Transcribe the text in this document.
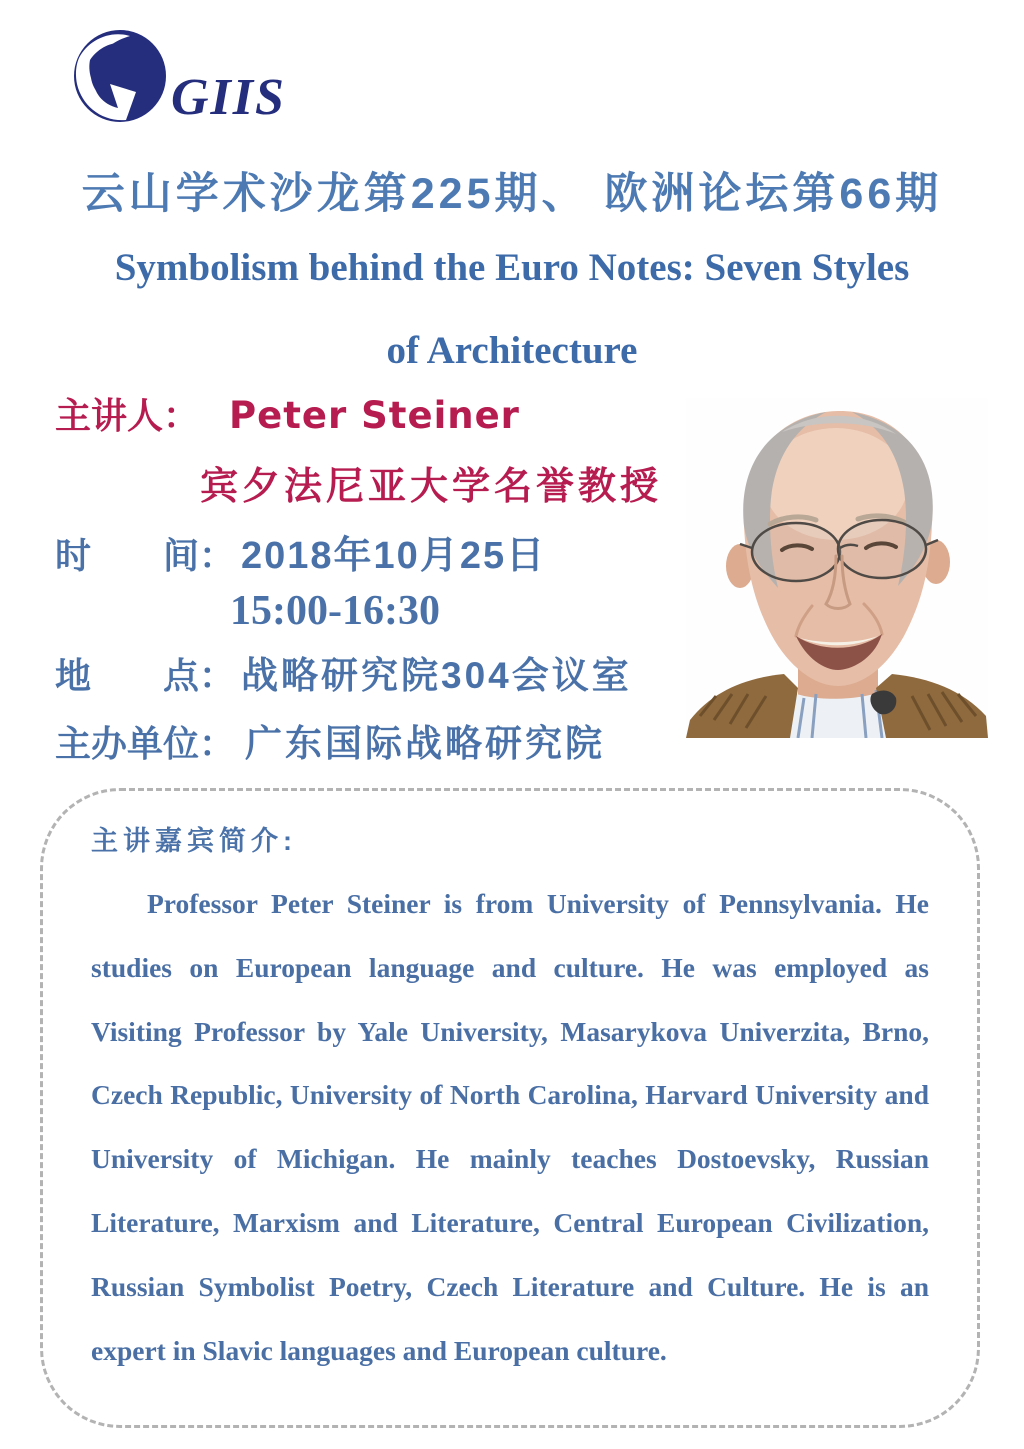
GIIS
云山学术沙龙第225期、 欧洲论坛第66期
Symbolism behind the Euro Notes: Seven Styles
of Architecture
主讲人： Peter Steiner
宾夕法尼亚大学名誉教授
时　　间： 2018年10月25日
15:00-16:30
地　　点： 战略研究院304会议室
主办单位： 广东国际战略研究院
主讲嘉宾简介:

Professor Peter Steiner is from University of Pennsylvania. He studies on European language and culture. He was employed as Visiting Professor by Yale University, Masarykova Univerzita, Brno, Czech Republic, University of North Carolina, Harvard University and University of Michigan. He mainly teaches Dostoevsky, Russian Literature, Marxism and Literature, Central European Civilization, Russian Symbolist Poetry, Czech Literature and Culture. He is an expert in Slavic languages and European culture.
